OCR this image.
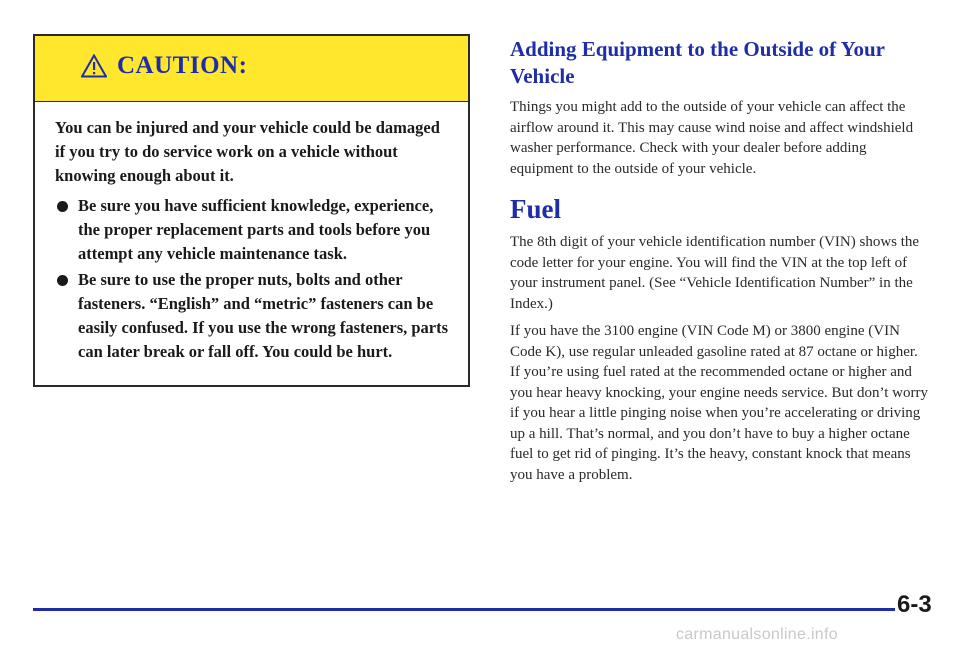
CAUTION:

You can be injured and your vehicle could be damaged if you try to do service work on a vehicle without knowing enough about it.

Be sure you have sufficient knowledge, experience, the proper replacement parts and tools before you attempt any vehicle maintenance task.
Be sure to use the proper nuts, bolts and other fasteners. “English” and “metric” fasteners can be easily confused. If you use the wrong fasteners, parts can later break or fall off. You could be hurt.
Adding Equipment to the Outside of Your Vehicle

Things you might add to the outside of your vehicle can affect the airflow around it. This may cause wind noise and affect windshield washer performance. Check with your dealer before adding equipment to the outside of your vehicle.

Fuel

The 8th digit of your vehicle identification number (VIN) shows the code letter for your engine. You will find the VIN at the top left of your instrument panel. (See “Vehicle Identification Number” in the Index.)

If you have the 3100 engine (VIN Code M) or 3800 engine (VIN Code K), use regular unleaded gasoline rated at 87 octane or higher. If you’re using fuel rated at the recommended octane or higher and you hear heavy knocking, your engine needs service. But don’t worry if you hear a little pinging noise when you’re accelerating or driving up a hill. That’s normal, and you don’t have to buy a higher octane fuel to get rid of pinging. It’s the heavy, constant knock that means you have a problem.

6-3
carmanualsonline.info
